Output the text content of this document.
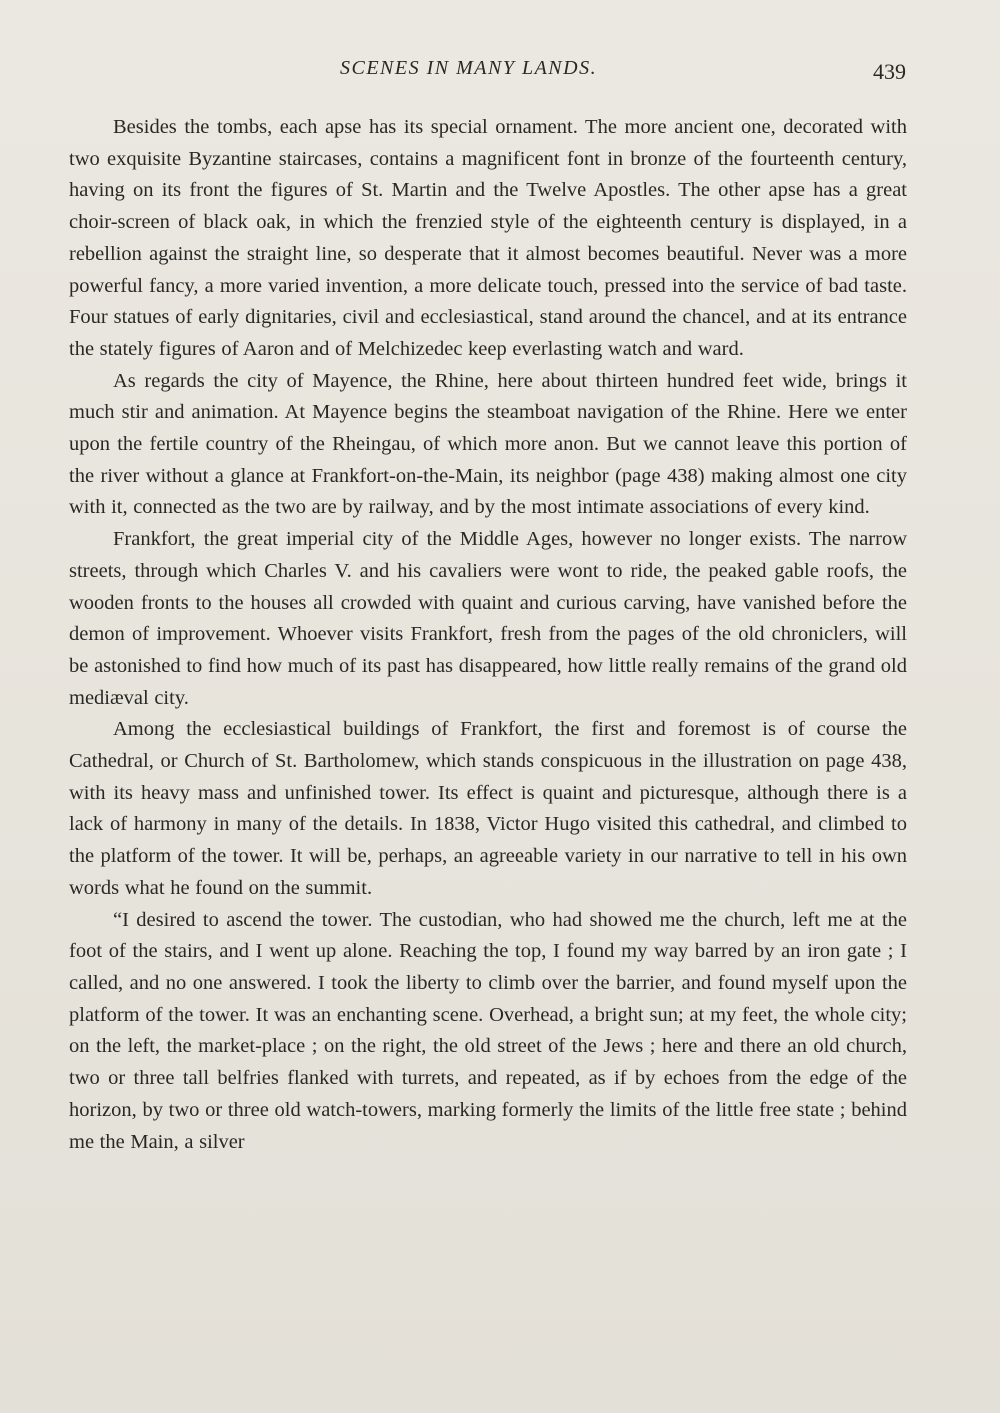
SCENES IN MANY LANDS.	439

Besides the tombs, each apse has its special ornament. The more ancient one, decorated with two exquisite Byzantine staircases, contains a magnificent font in bronze of the fourteenth century, having on its front the figures of St. Martin and the Twelve Apostles. The other apse has a great choir-screen of black oak, in which the frenzied style of the eighteenth century is displayed, in a rebellion against the straight line, so desperate that it almost becomes beautiful. Never was a more powerful fancy, a more varied invention, a more delicate touch, pressed into the service of bad taste. Four statues of early dignitaries, civil and ecclesiastical, stand around the chancel, and at its entrance the stately figures of Aaron and of Melchizedec keep everlasting watch and ward.

As regards the city of Mayence, the Rhine, here about thirteen hundred feet wide, brings it much stir and animation. At Mayence begins the steamboat navigation of the Rhine. Here we enter upon the fertile country of the Rheingau, of which more anon. But we cannot leave this portion of the river without a glance at Frankfort-on-the-Main, its neighbor (page 438) making almost one city with it, connected as the two are by railway, and by the most intimate associations of every kind.

Frankfort, the great imperial city of the Middle Ages, however no longer exists. The narrow streets, through which Charles V. and his cavaliers were wont to ride, the peaked gable roofs, the wooden fronts to the houses all crowded with quaint and curious carving, have vanished before the demon of improvement. Whoever visits Frankfort, fresh from the pages of the old chroniclers, will be astonished to find how much of its past has disappeared, how little really remains of the grand old mediæval city.

Among the ecclesiastical buildings of Frankfort, the first and foremost is of course the Cathedral, or Church of St. Bartholomew, which stands conspicuous in the illustration on page 438, with its heavy mass and unfinished tower. Its effect is quaint and picturesque, although there is a lack of harmony in many of the details. In 1838, Victor Hugo visited this cathedral, and climbed to the platform of the tower. It will be, perhaps, an agreeable variety in our narrative to tell in his own words what he found on the summit.

“I desired to ascend the tower. The custodian, who had showed me the church, left me at the foot of the stairs, and I went up alone. Reaching the top, I found my way barred by an iron gate ; I called, and no one answered. I took the liberty to climb over the barrier, and found myself upon the platform of the tower. It was an enchanting scene. Overhead, a bright sun; at my feet, the whole city; on the left, the market-place ; on the right, the old street of the Jews ; here and there an old church, two or three tall belfries flanked with turrets, and repeated, as if by echoes from the edge of the horizon, by two or three old watch-towers, marking formerly the limits of the little free state ; behind me the Main, a silver
